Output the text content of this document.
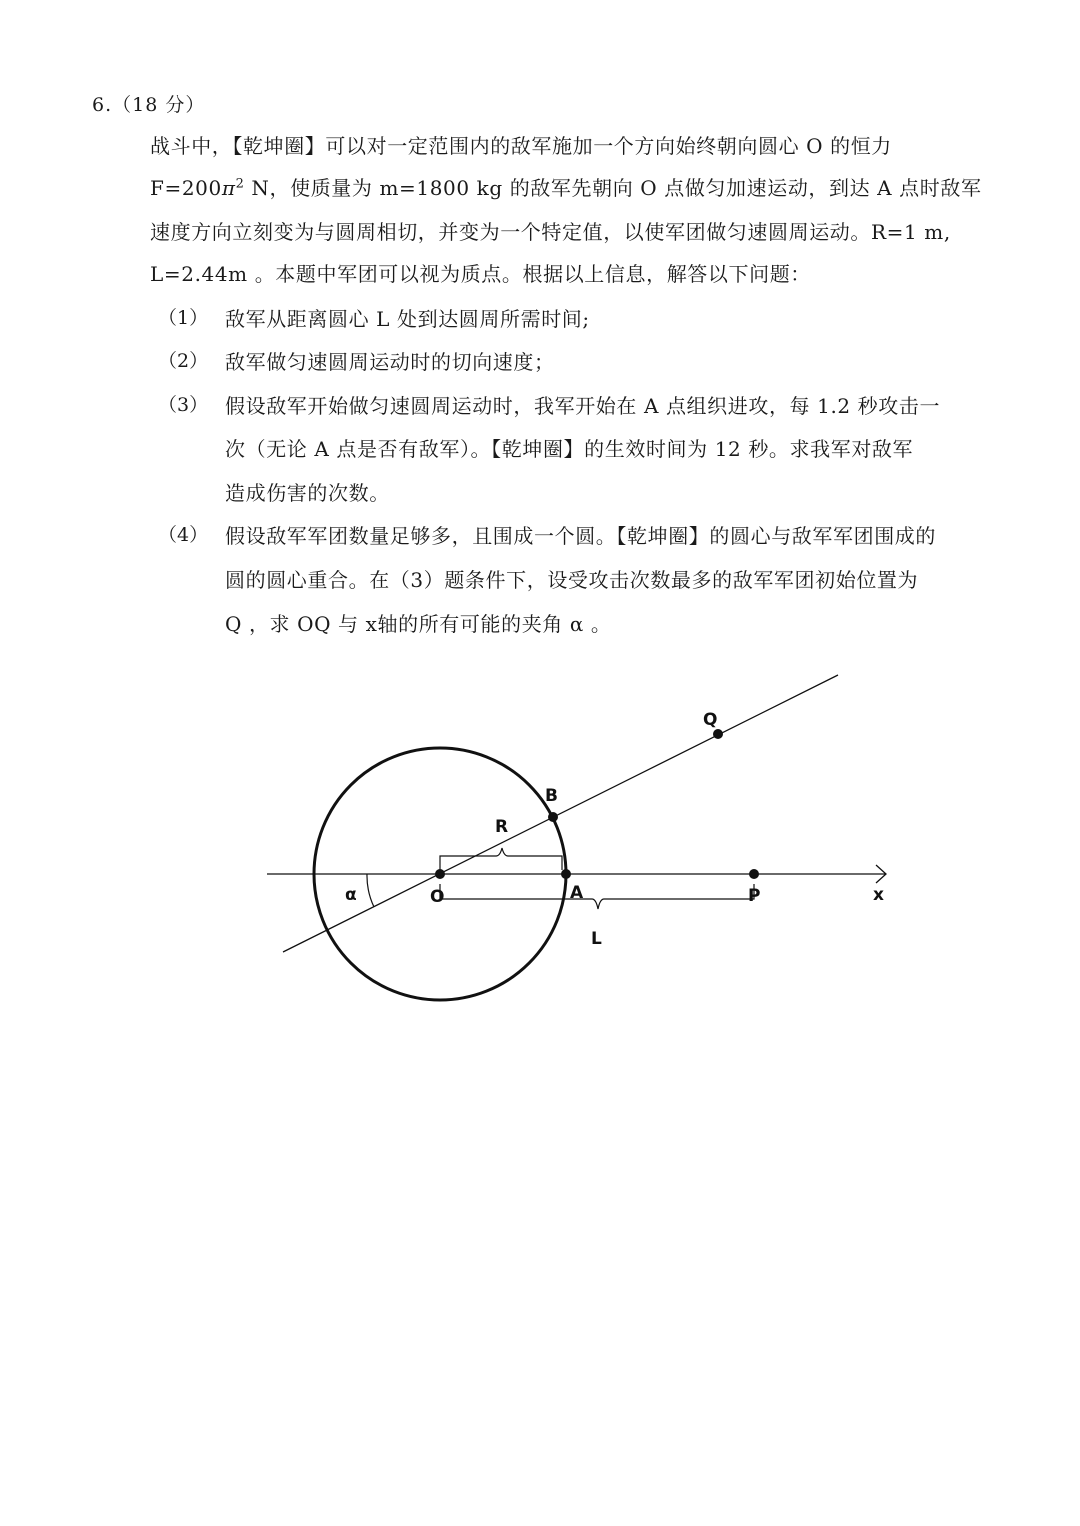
6.（18 分）
战斗中，【乾坤圈】可以对一定范围内的敌军施加一个方向始终朝向圆心 O 的恒力
$F=200\pi^2$ N，使质量为 m=1800 kg 的敌军先朝向 O 点做匀加速运动，到达 A 点时敌军
速度方向立刻变为与圆周相切，并变为一个特定值，以使军团做匀速圆周运动。R=1 m,
L=2.44m 。本题中军团可以视为质点。根据以上信息，解答以下问题：
（1） 敌军从距离圆心 L 处到达圆周所需时间;
（2） 敌军做匀速圆周运动时的切向速度；
（3） 假设敌军开始做匀速圆周运动时，我军开始在 A 点组织进攻，每 1.2 秒攻击一
次（无论 A 点是否有敌军）。【乾坤圈】的生效时间为 12 秒。求我军对敌军
造成伤害的次数。
（4） 假设敌军军团数量足够多，且围成一个圆。【乾坤圈】的圆心与敌军军团围成的
圆的圆心重合。在（3）题条件下，设受攻击次数最多的敌军军团初始位置为
Q ，求 OQ 与 x轴的所有可能的夹角 α 。
Q
B
R
α	O	A	P	x
L
